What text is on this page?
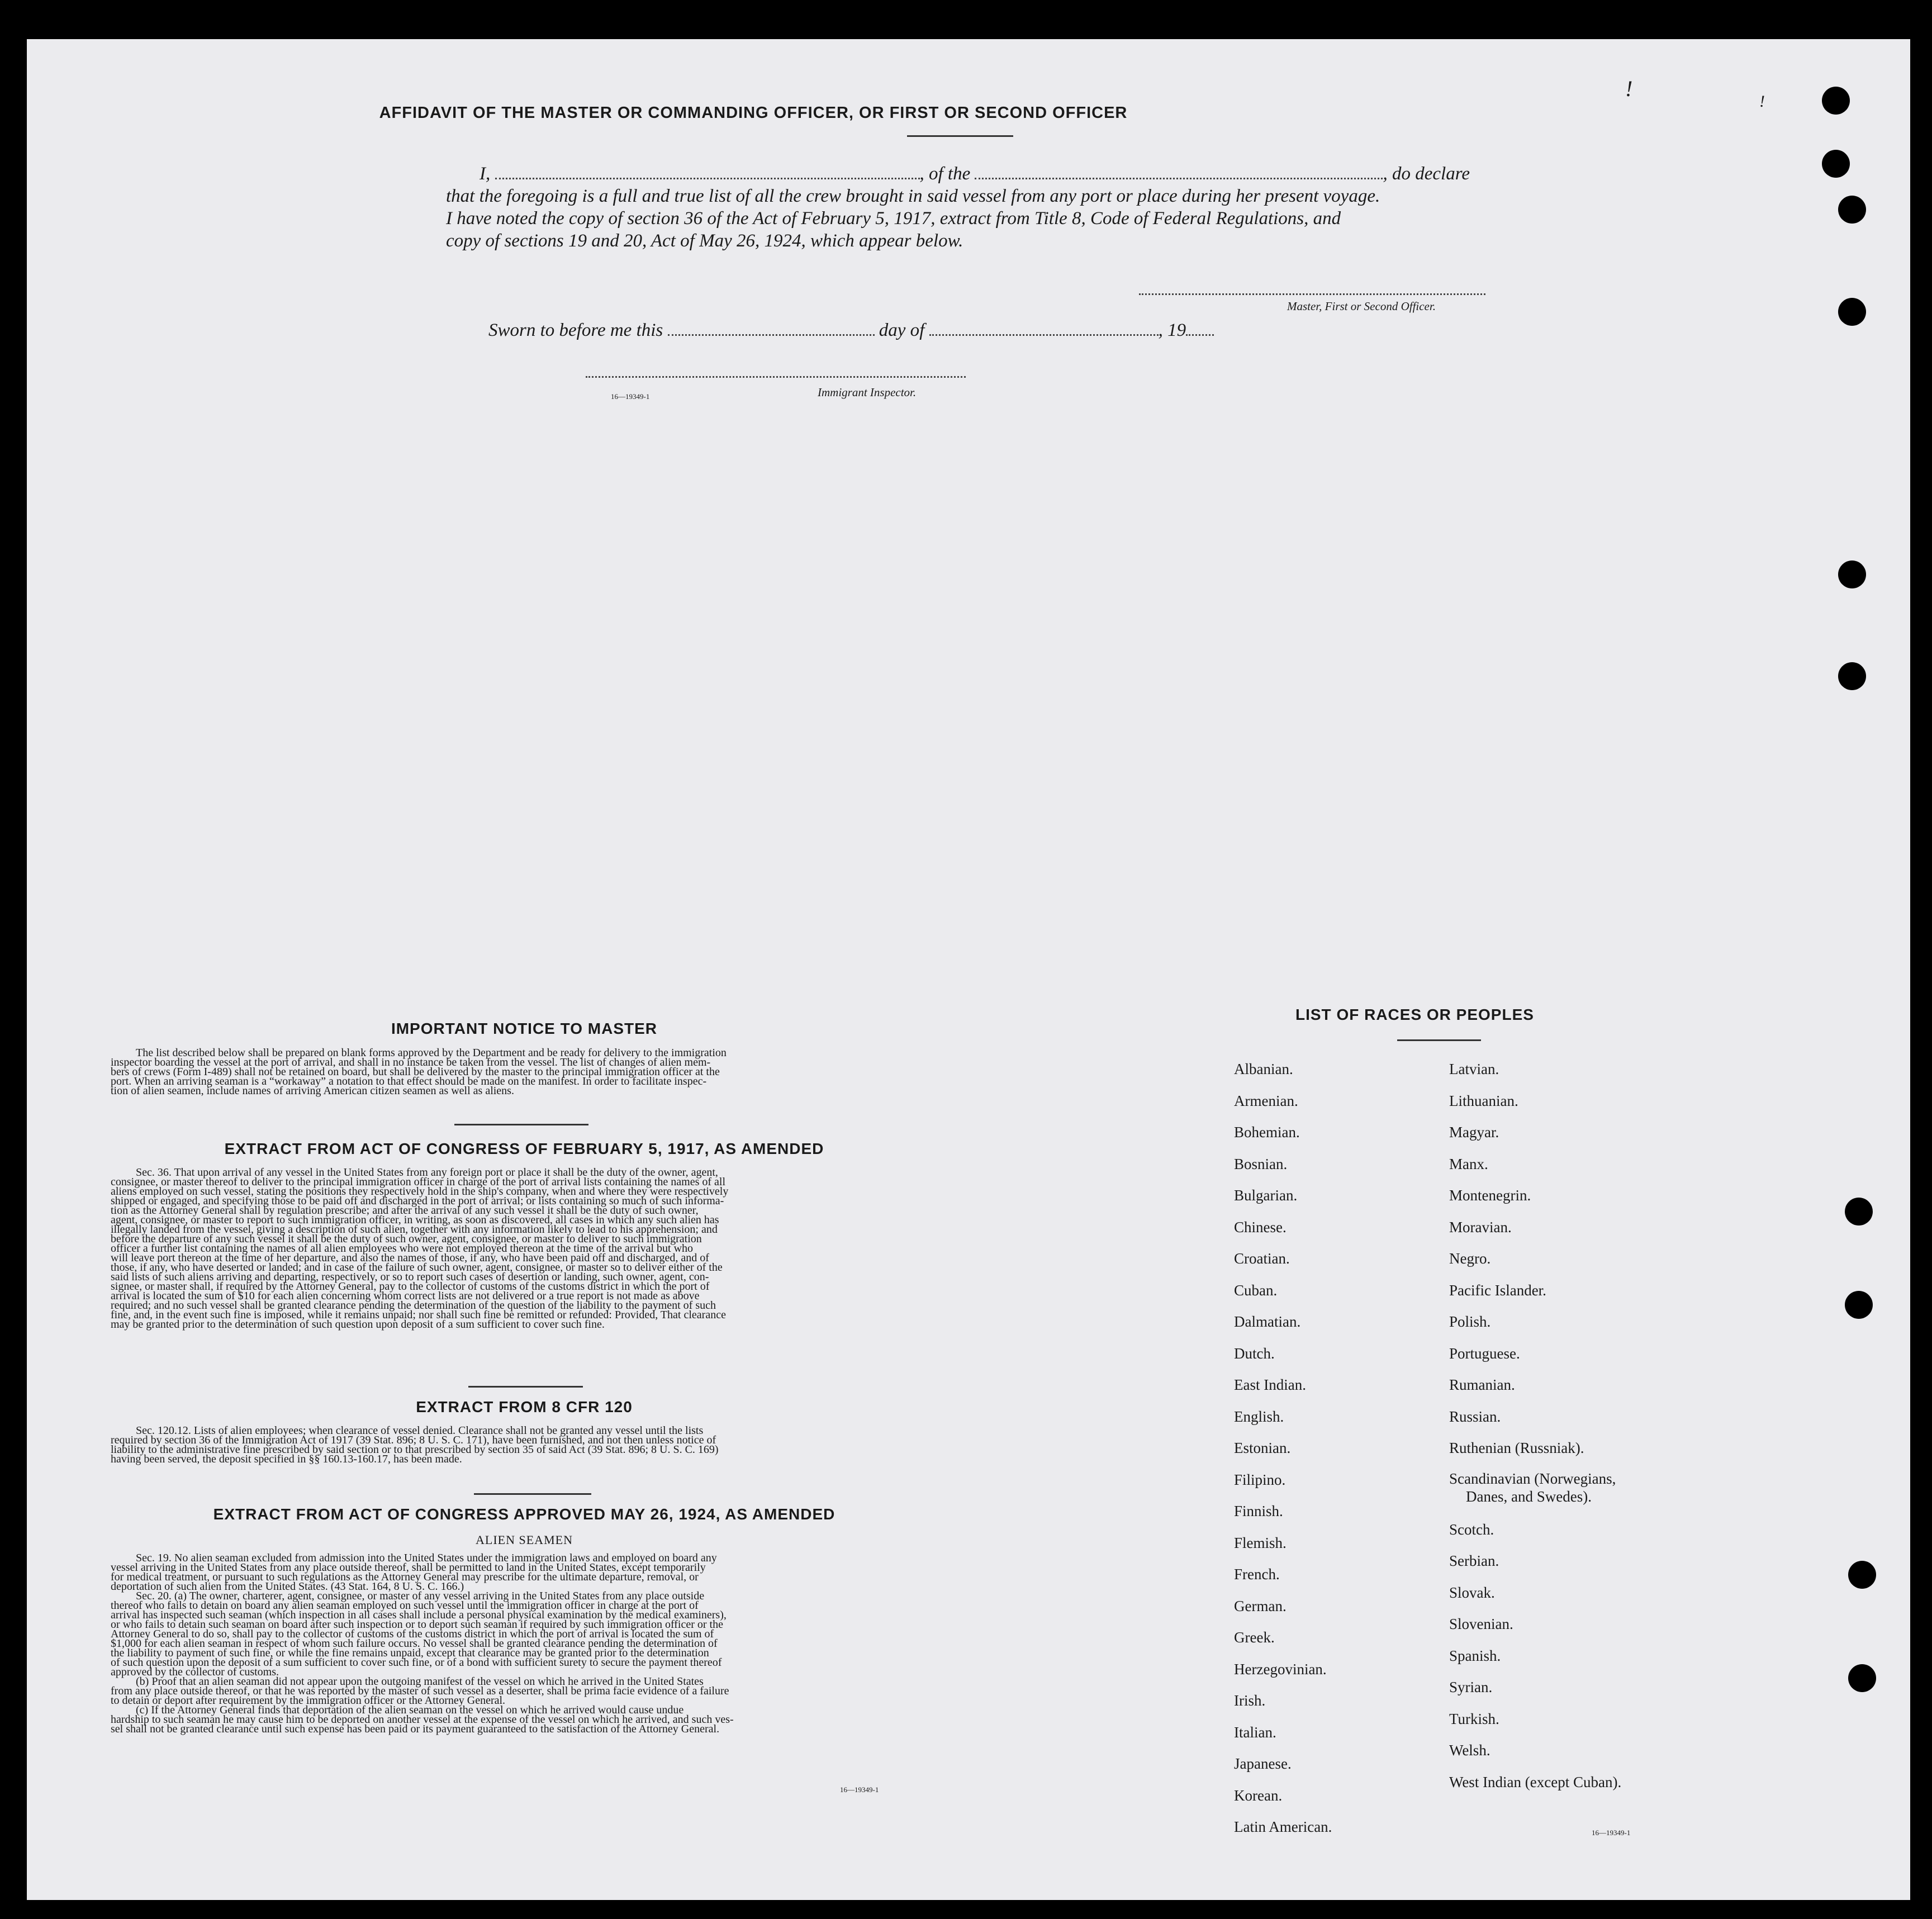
!
!
AFFIDAVIT OF THE MASTER OR COMMANDING OFFICER, OR FIRST OR SECOND OFFICER
I,	, of the	, do declare
that the foregoing is a full and true list of all the crew brought in said vessel from any port or place during her present voyage.
I have noted the copy of section 36 of the Act of February 5, 1917, extract from Title 8, Code of Federal Regulations, and
copy of sections 19 and 20, Act of May 26, 1924, which appear below.
Master, First or Second Officer.
Sworn to before me this	day of	, 19
16—19349-1	Immigrant Inspector.
IMPORTANT NOTICE TO MASTER
The list described below shall be prepared on blank forms approved by the Department and be ready for delivery to the immigration
inspector boarding the vessel at the port of arrival, and shall in no instance be taken from the vessel. The list of changes of alien mem-
bers of crews (Form I-489) shall not be retained on board, but shall be delivered by the master to the principal immigration officer at the
port. When an arriving seaman is a “workaway” a notation to that effect should be made on the manifest. In order to facilitate inspec-
tion of alien seamen, include names of arriving American citizen seamen as well as aliens.
EXTRACT FROM ACT OF CONGRESS OF FEBRUARY 5, 1917, AS AMENDED
Sec. 36. That upon arrival of any vessel in the United States from any foreign port or place it shall be the duty of the owner, agent,
consignee, or master thereof to deliver to the principal immigration officer in charge of the port of arrival lists containing the names of all
aliens employed on such vessel, stating the positions they respectively hold in the ship's company, when and where they were respectively
shipped or engaged, and specifying those to be paid off and discharged in the port of arrival; or lists containing so much of such informa-
tion as the Attorney General shall by regulation prescribe; and after the arrival of any such vessel it shall be the duty of such owner,
agent, consignee, or master to report to such immigration officer, in writing, as soon as discovered, all cases in which any such alien has
illegally landed from the vessel, giving a description of such alien, together with any information likely to lead to his apprehension; and
before the departure of any such vessel it shall be the duty of such owner, agent, consignee, or master to deliver to such immigration
officer a further list containing the names of all alien employees who were not employed thereon at the time of the arrival but who
will leave port thereon at the time of her departure, and also the names of those, if any, who have been paid off and discharged, and of
those, if any, who have deserted or landed; and in case of the failure of such owner, agent, consignee, or master so to deliver either of the
said lists of such aliens arriving and departing, respectively, or so to report such cases of desertion or landing, such owner, agent, con-
signee, or master shall, if required by the Attorney General, pay to the collector of customs of the customs district in which the port of
arrival is located the sum of $10 for each alien concerning whom correct lists are not delivered or a true report is not made as above
required; and no such vessel shall be granted clearance pending the determination of the question of the liability to the payment of such
fine, and, in the event such fine is imposed, while it remains unpaid; nor shall such fine be remitted or refunded: Provided, That clearance
may be granted prior to the determination of such question upon deposit of a sum sufficient to cover such fine.
EXTRACT FROM 8 CFR 120
Sec. 120.12. Lists of alien employees; when clearance of vessel denied. Clearance shall not be granted any vessel until the lists
required by section 36 of the Immigration Act of 1917 (39 Stat. 896; 8 U. S. C. 171), have been furnished, and not then unless notice of
liability to the administrative fine prescribed by said section or to that prescribed by section 35 of said Act (39 Stat. 896; 8 U. S. C. 169)
having been served, the deposit specified in §§ 160.13-160.17, has been made.
EXTRACT FROM ACT OF CONGRESS APPROVED MAY 26, 1924, AS AMENDED
ALIEN SEAMEN
Sec. 19. No alien seaman excluded from admission into the United States under the immigration laws and employed on board any
vessel arriving in the United States from any place outside thereof, shall be permitted to land in the United States, except temporarily
for medical treatment, or pursuant to such regulations as the Attorney General may prescribe for the ultimate departure, removal, or
deportation of such alien from the United States. (43 Stat. 164, 8 U. S. C. 166.)
Sec. 20. (a) The owner, charterer, agent, consignee, or master of any vessel arriving in the United States from any place outside
thereof who fails to detain on board any alien seaman employed on such vessel until the immigration officer in charge at the port of
arrival has inspected such seaman (which inspection in all cases shall include a personal physical examination by the medical examiners),
or who fails to detain such seaman on board after such inspection or to deport such seaman if required by such immigration officer or the
Attorney General to do so, shall pay to the collector of customs of the customs district in which the port of arrival is located the sum of
$1,000 for each alien seaman in respect of whom such failure occurs. No vessel shall be granted clearance pending the determination of
the liability to payment of such fine, or while the fine remains unpaid, except that clearance may be granted prior to the determination
of such question upon the deposit of a sum sufficient to cover such fine, or of a bond with sufficient surety to secure the payment thereof
approved by the collector of customs.
(b) Proof that an alien seaman did not appear upon the outgoing manifest of the vessel on which he arrived in the United States
from any place outside thereof, or that he was reported by the master of such vessel as a deserter, shall be prima facie evidence of a failure
to detain or deport after requirement by the immigration officer or the Attorney General.
(c) If the Attorney General finds that deportation of the alien seaman on the vessel on which he arrived would cause undue
hardship to such seaman he may cause him to be deported on another vessel at the expense of the vessel on which he arrived, and such ves-
sel shall not be granted clearance until such expense has been paid or its payment guaranteed to the satisfaction of the Attorney General.
16—19349-1
LIST OF RACES OR PEOPLES
Albanian.
Armenian.
Bohemian.
Bosnian.
Bulgarian.
Chinese.
Croatian.
Cuban.
Dalmatian.
Dutch.
East Indian.
English.
Estonian.
Filipino.
Finnish.
Flemish.
French.
German.
Greek.
Herzegovinian.
Irish.
Italian.
Japanese.
Korean.
Latin American.
Latvian.
Lithuanian.
Magyar.
Manx.
Montenegrin.
Moravian.
Negro.
Pacific Islander.
Polish.
Portuguese.
Rumanian.
Russian.
Ruthenian (Russniak).
Scandinavian (Norwegians,
Danes, and Swedes).
Scotch.
Serbian.
Slovak.
Slovenian.
Spanish.
Syrian.
Turkish.
Welsh.
West Indian (except Cuban).
16—19349-1
